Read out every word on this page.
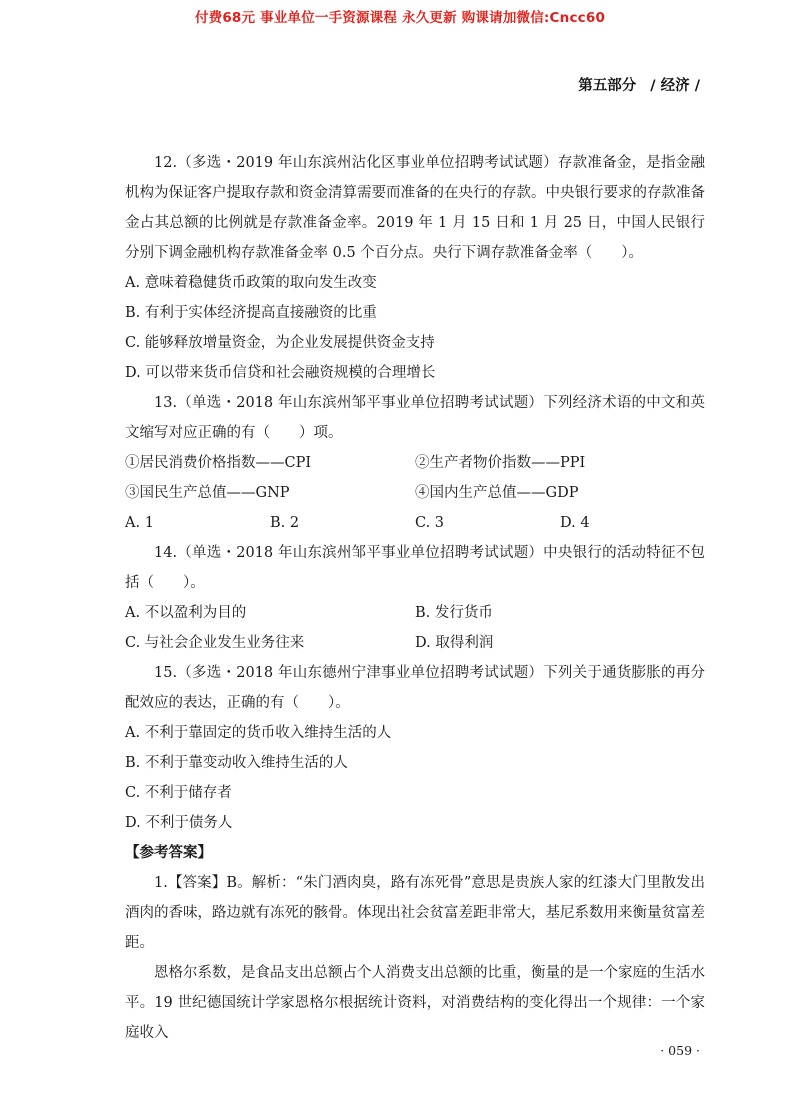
付费68元 事业单位一手资源课程 永久更新 购课请加微信:Cncc60
第五部分 / 经济 /

12.（多选・2019 年山东滨州沾化区事业单位招聘考试试题）存款准备金，是指金融机构为保证客户提取存款和资金清算需要而准备的在央行的存款。中央银行要求的存款准备金占其总额的比例就是存款准备金率。2019 年 1 月 15 日和 1 月 25 日，中国人民银行分别下调金融机构存款准备金率 0.5 个百分点。央行下调存款准备金率（　　）。

A. 意味着稳健货币政策的取向发生改变

B. 有利于实体经济提高直接融资的比重

C. 能够释放增量资金，为企业发展提供资金支持

D. 可以带来货币信贷和社会融资规模的合理增长

13.（单选・2018 年山东滨州邹平事业单位招聘考试试题）下列经济术语的中文和英文缩写对应正确的有（　　）项。

①居民消费价格指数——CPI	②生产者物价指数——PPI
③国民生产总值——GNP	④国内生产总值——GDP
A. 1	B. 2	C. 3	D. 4

14.（单选・2018 年山东滨州邹平事业单位招聘考试试题）中央银行的活动特征不包括（　　）。

A. 不以盈利为目的	B. 发行货币
C. 与社会企业发生业务往来	D. 取得利润

15.（多选・2018 年山东德州宁津事业单位招聘考试试题）下列关于通货膨胀的再分配效应的表达，正确的有（　　）。

A. 不利于靠固定的货币收入维持生活的人

B. 不利于靠变动收入维持生活的人

C. 不利于储存者

D. 不利于债务人

【参考答案】

1.【答案】B。解析：“朱门酒肉臭，路有冻死骨”意思是贵族人家的红漆大门里散发出酒肉的香味，路边就有冻死的骸骨。体现出社会贫富差距非常大，基尼系数用来衡量贫富差距。

恩格尔系数，是食品支出总额占个人消费支出总额的比重，衡量的是一个家庭的生活水平。19 世纪德国统计学家恩格尔根据统计资料，对消费结构的变化得出一个规律：一个家庭收入

· 059 ·
